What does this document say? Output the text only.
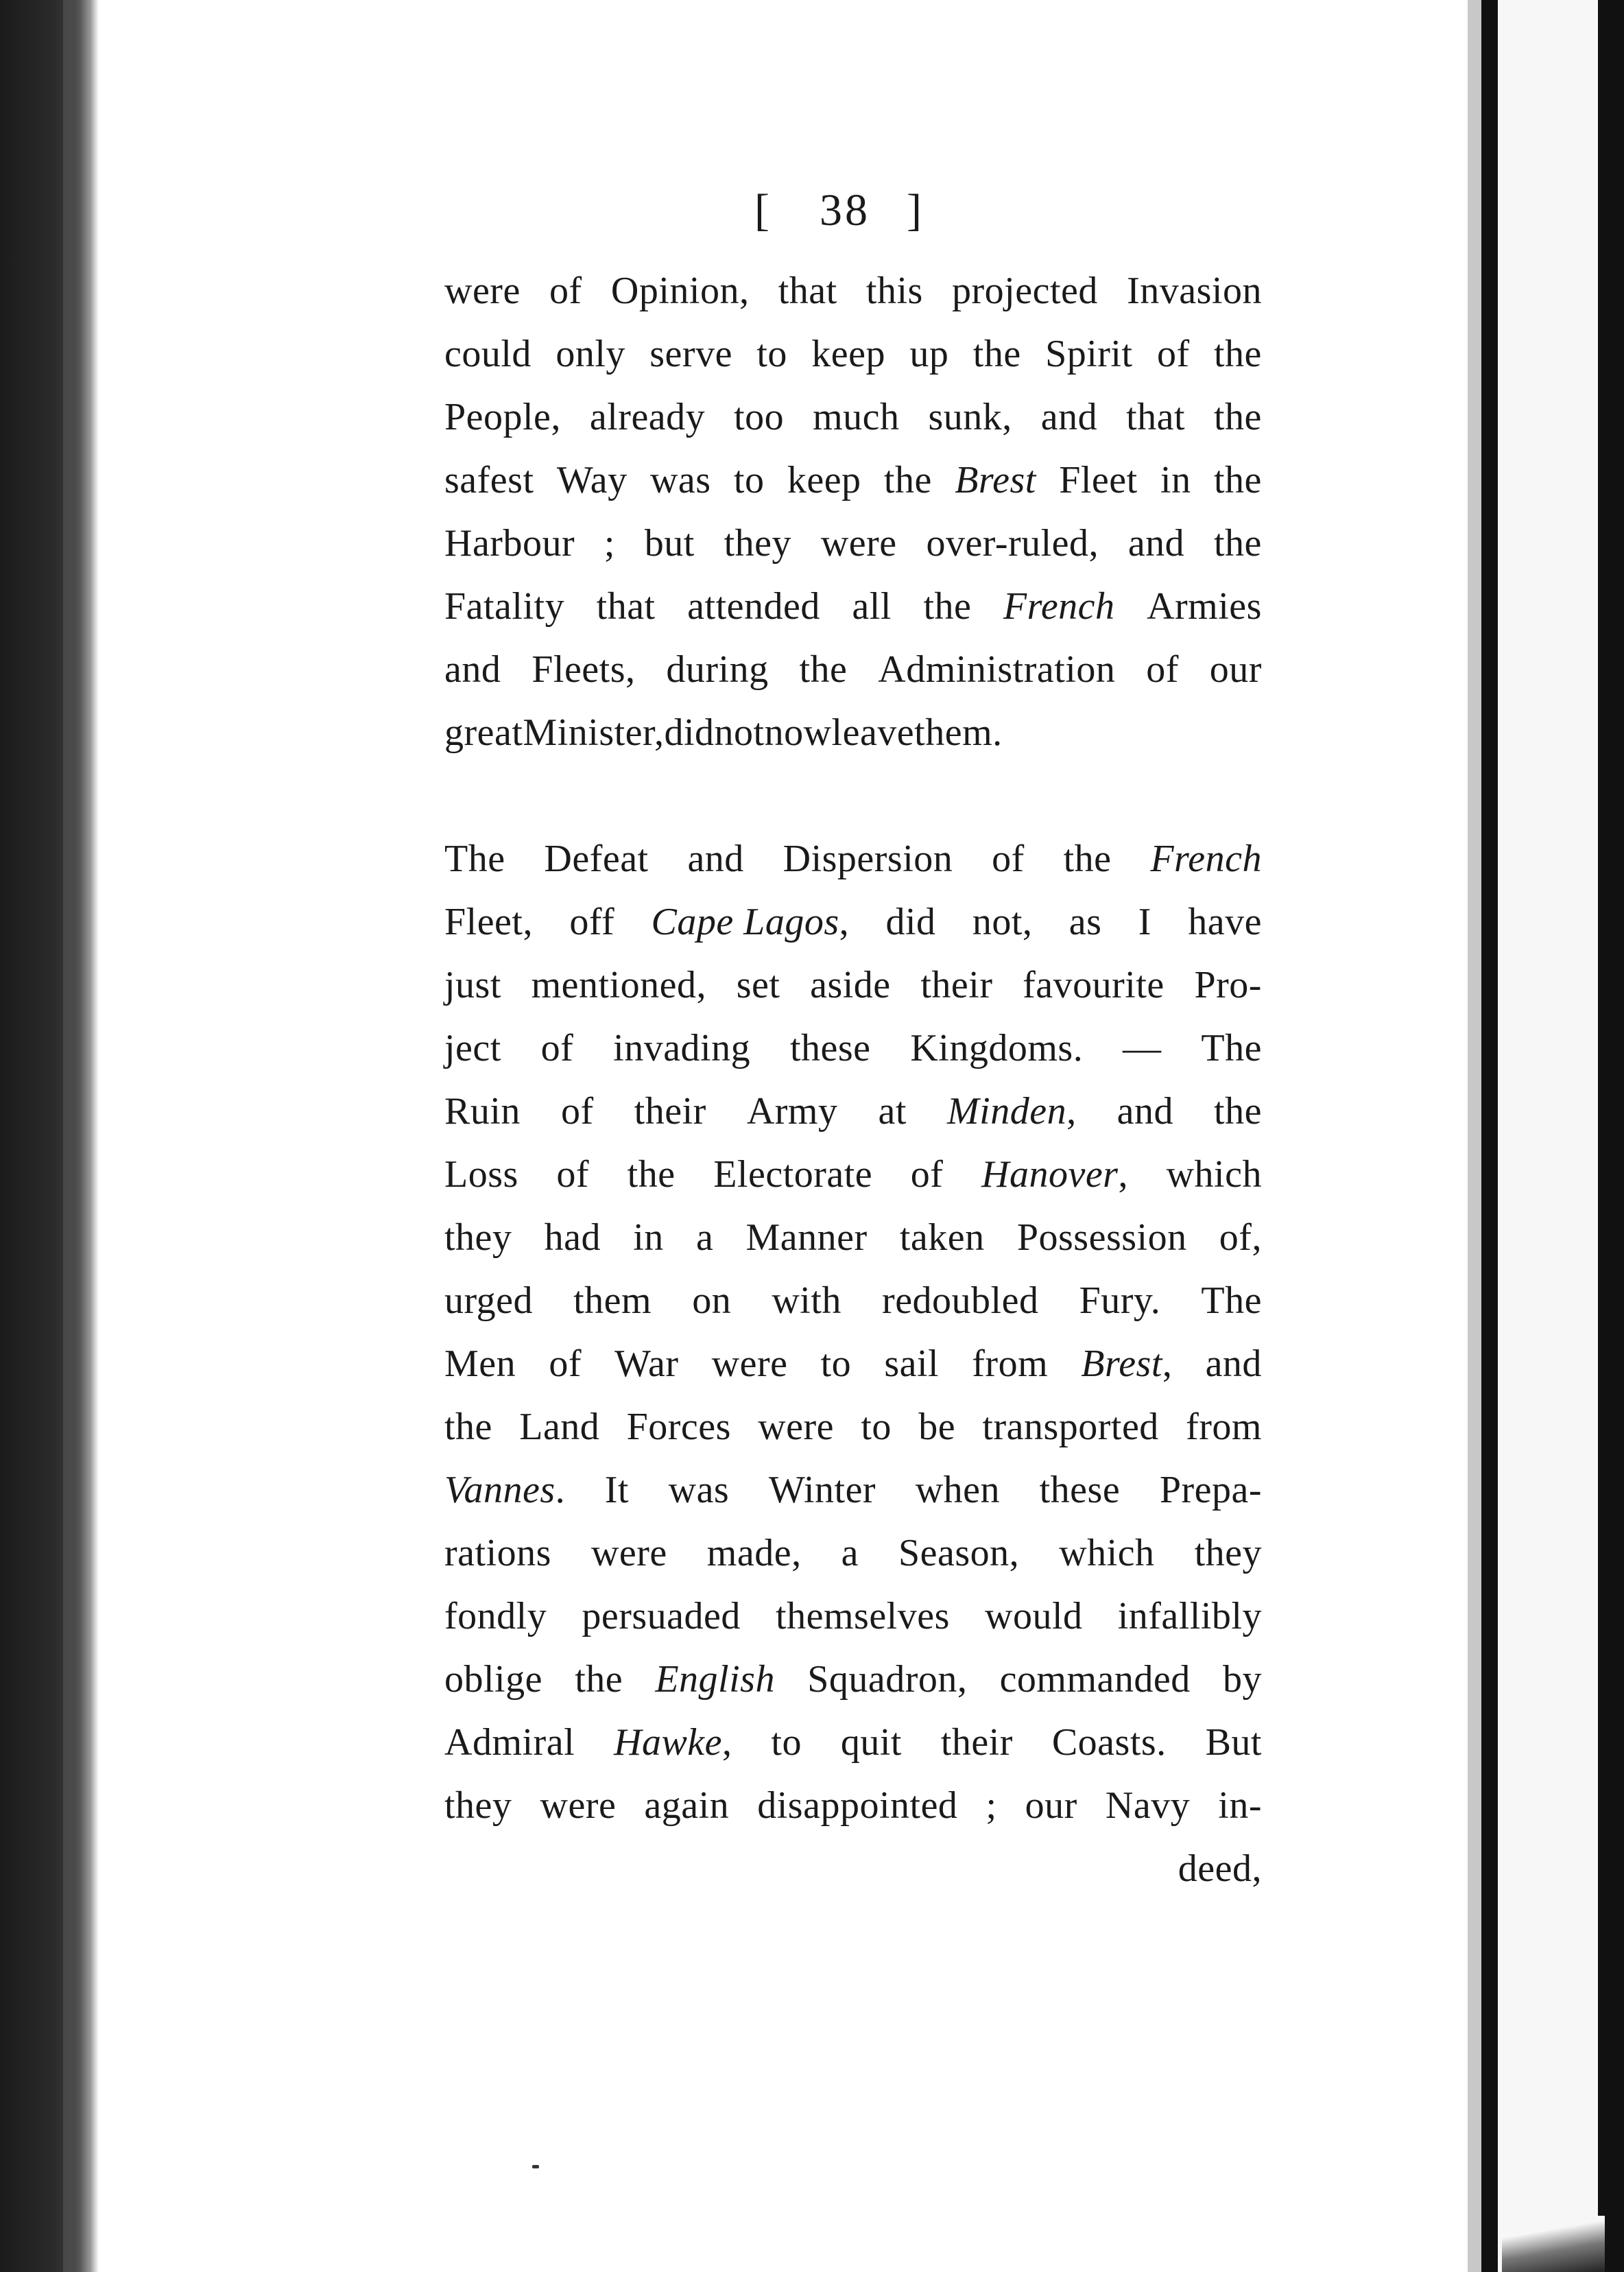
[ 38 ]
were of Opinion, that this projected Invasion
could only serve to keep up the Spirit of the
People, already too much sunk, and that the
safest Way was to keep the Brest Fleet in the
Harbour ; but they were over-ruled, and the
Fatality that attended all the French Armies
and Fleets, during the Administration of our
great Minister, did not now leave them.
The Defeat and Dispersion of the French
Fleet, off Cape Lagos, did not, as I have
just mentioned, set aside their favourite Pro-
ject of invading these Kingdoms. — The
Ruin of their Army at Minden, and the
Loss of the Electorate of Hanover, which
they had in a Manner taken Possession of,
urged them on with redoubled Fury. The
Men of War were to sail from Brest, and
the Land Forces were to be transported from
Vannes. It was Winter when these Prepa-
rations were made, a Season, which they
fondly persuaded themselves would infallibly
oblige the English Squadron, commanded by
Admiral Hawke, to quit their Coasts. But
they were again disappointed ; our Navy in-
deed,
